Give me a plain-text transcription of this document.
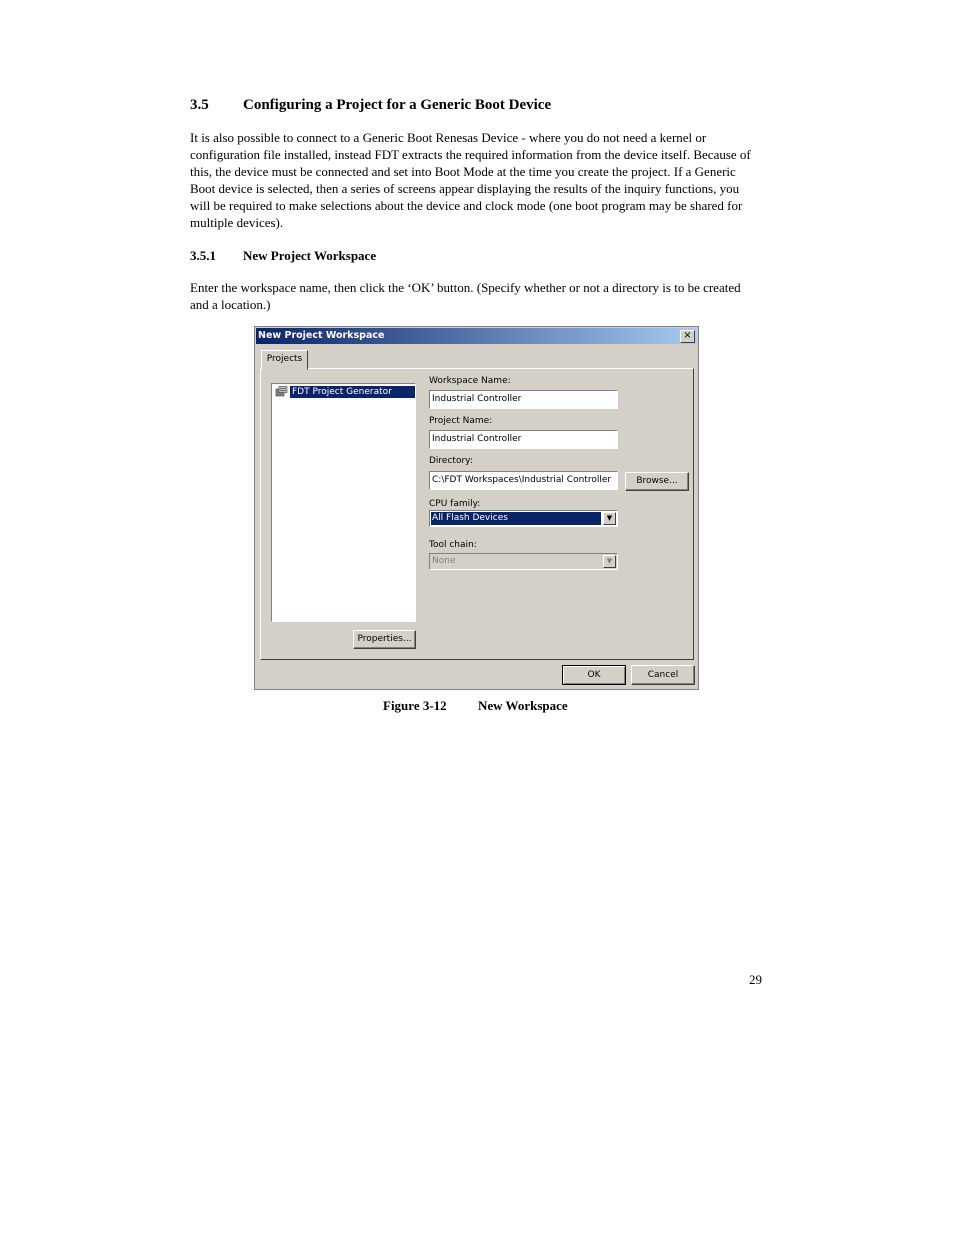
3.5 Configuring a Project for a Generic Boot Device
It is also possible to connect to a Generic Boot Renesas Device - where you do not need a kernel or
configuration file installed, instead FDT extracts the required information from the device itself. Because of
this, the device must be connected and set into Boot Mode at the time you create the project. If a Generic
Boot device is selected, then a series of screens appear displaying the results of the inquiry functions, you
will be required to make selections about the device and clock mode (one boot program may be shared for
multiple devices).
3.5.1 New Project Workspace
Enter the workspace name, then click the ‘OK’ button. (Specify whether or not a directory is to be created
and a location.)
New Project Workspace	×
Projects
FDT Project Generator
Properties...
Workspace Name:
Industrial Controller
Project Name:
Industrial Controller
Directory:
C:\FDT Workspaces\Industrial Controller	Browse...
CPU family:
All Flash Devices	▼
Tool chain:
None	▼
OK	Cancel
Figure 3-12 New Workspace
29
